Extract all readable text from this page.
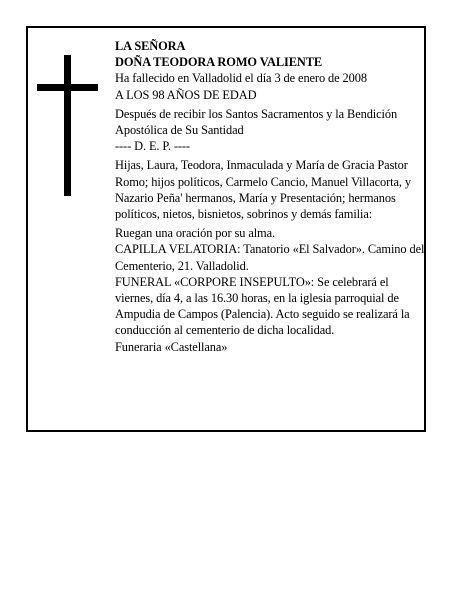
LA SEÑORA

DOÑA TEODORA ROMO VALIENTE

Ha fallecido en Valladolid el día 3 de enero de 2008

A LOS 98 AÑOS DE EDAD

Después de recibir los Santos Sacramentos y la Bendición Apostólica de Su Santidad

---- D. E. P. ----

Hijas, Laura, Teodora, Inmaculada y María de Gracia Pastor Romo; hijos políticos, Carmelo Cancio, Manuel Villacorta, y Nazario Peña' hermanos, María y Presentación; hermanos políticos, nietos, bisnietos, sobrinos y demás familia:

Ruegan una oración por su alma.

CAPILLA VELATORIA: Tanatorio «El Salvador». Camino del Cementerio, 21. Valladolid.

FUNERAL «CORPORE INSEPULTO»: Se celebrará el viernes, día 4, a las 16.30 horas, en la iglesia parroquial de Ampudia de Campos (Palencia). Acto seguido se realizará la conducción al cementerio de dicha localidad.

Funeraria «Castellana»
